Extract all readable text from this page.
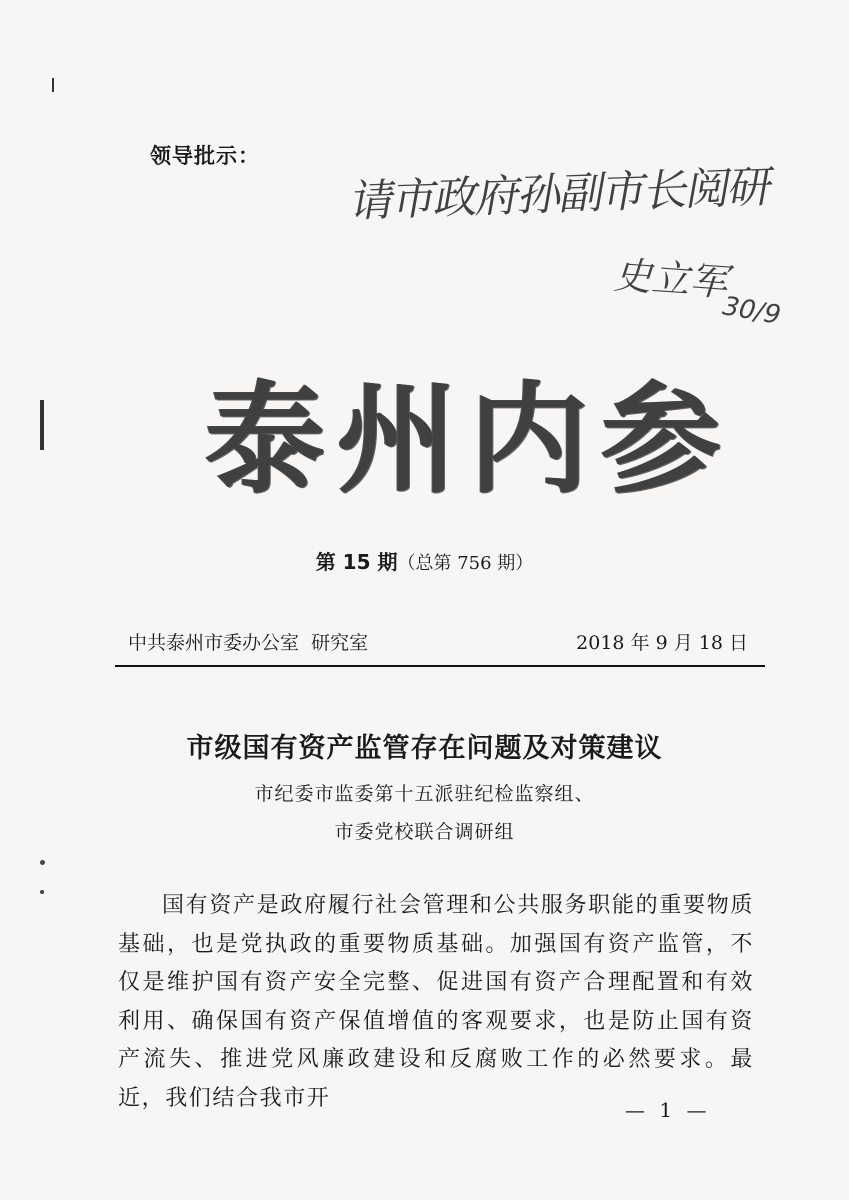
领导批示：
请市政府孙副市长阅研
史立军
30/9
泰 州 内 参
第 15 期（总第 756 期）
中共泰州市委办公室  研究室	2018 年 9 月 18 日
市级国有资产监管存在问题及对策建议
市纪委市监委第十五派驻纪检监察组、
市委党校联合调研组

国有资产是政府履行社会管理和公共服务职能的重要物质基础，也是党执政的重要物质基础。加强国有资产监管，不仅是维护国有资产安全完整、促进国有资产合理配置和有效利用、确保国有资产保值增值的客观要求，也是防止国有资产流失、推进党风廉政建设和反腐败工作的必然要求。最近，我们结合我市开	— 1 —
